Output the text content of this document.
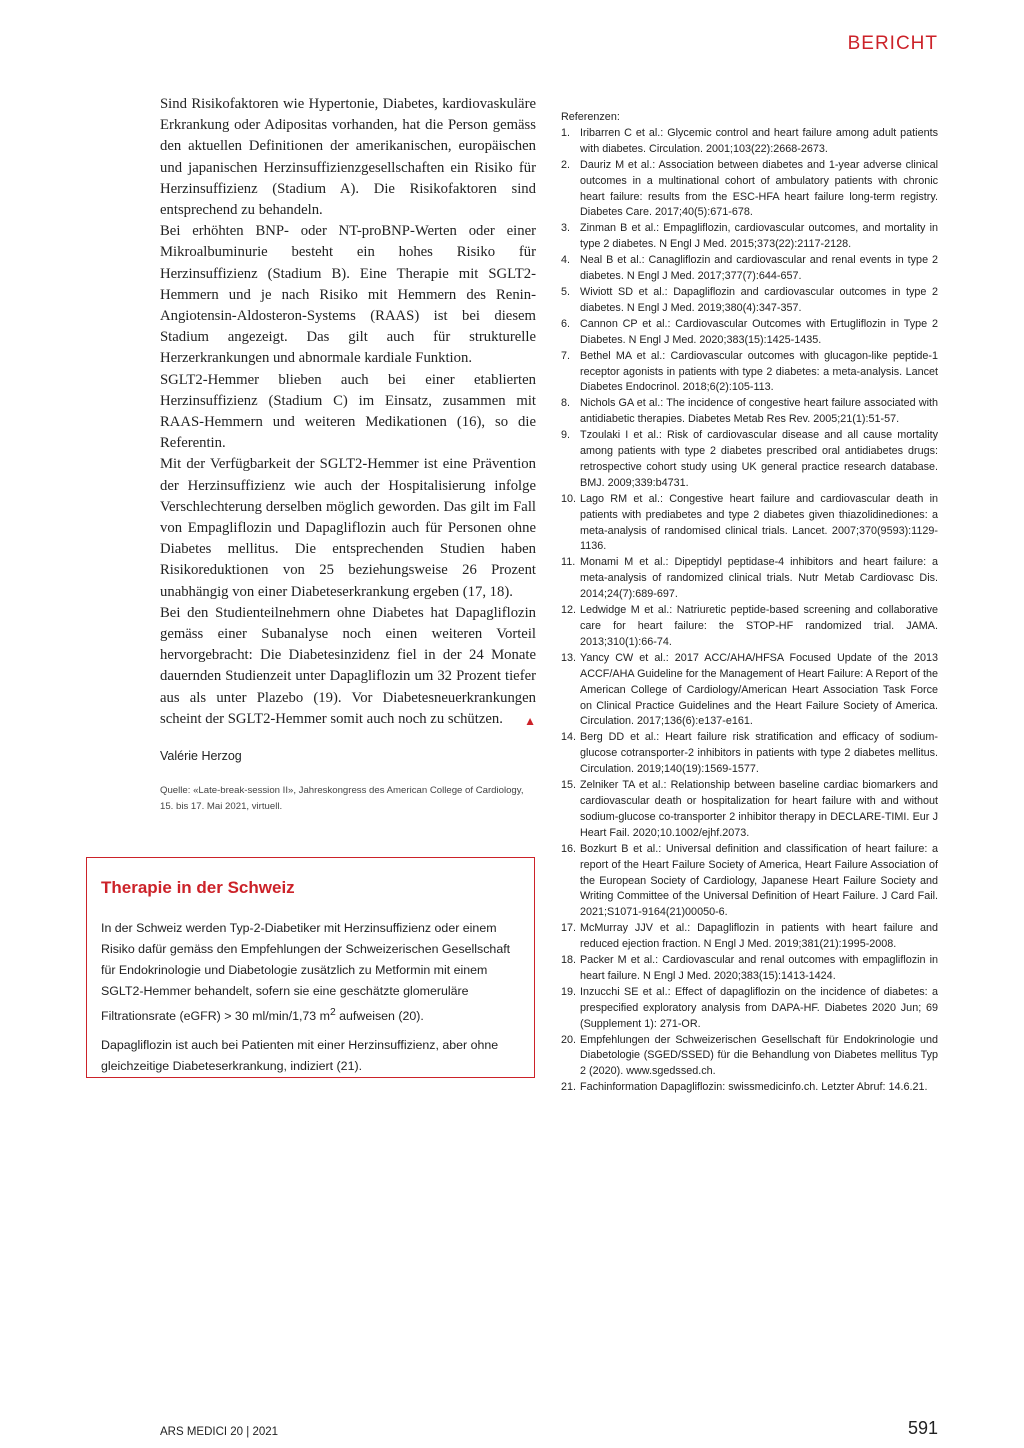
BERICHT

Sind Risikofaktoren wie Hypertonie, Diabetes, kardiovaskuläre Erkrankung oder Adipositas vorhanden, hat die Person gemäss den aktuellen Definitionen der amerikanischen, europäischen und japanischen Herzinsuffizienzgesellschaften ein Risiko für Herzinsuffizienz (Stadium A). Die Risikofaktoren sind entsprechend zu behandeln.

Bei erhöhten BNP- oder NT-proBNP-Werten oder einer Mikroalbuminurie besteht ein hohes Risiko für Herzinsuffizienz (Stadium B). Eine Therapie mit SGLT2-Hemmern und je nach Risiko mit Hemmern des Renin-Angiotensin-Aldosteron-Systems (RAAS) ist bei diesem Stadium angezeigt. Das gilt auch für strukturelle Herzerkrankungen und abnormale kardiale Funktion.

SGLT2-Hemmer blieben auch bei einer etablierten Herzinsuffizienz (Stadium C) im Einsatz, zusammen mit RAAS-Hemmern und weiteren Medikationen (16), so die Referentin.

Mit der Verfügbarkeit der SGLT2-Hemmer ist eine Prävention der Herzinsuffizienz wie auch der Hospitalisierung infolge Verschlechterung derselben möglich geworden. Das gilt im Fall von Empagliflozin und Dapagliflozin auch für Personen ohne Diabetes mellitus. Die entsprechenden Studien haben Risikoreduktionen von 25 beziehungsweise 26 Prozent unabhängig von einer Diabeteserkrankung ergeben (17, 18).

Bei den Studienteilnehmern ohne Diabetes hat Dapagliflozin gemäss einer Subanalyse noch einen weiteren Vorteil hervorgebracht: Die Diabetesinzidenz fiel in der 24 Monate dauernden Studienzeit unter Dapagliflozin um 32 Prozent tiefer aus als unter Plazebo (19). Vor Diabetesneuerkrankungen scheint der SGLT2-Hemmer somit auch noch zu schützen. ▲

Valérie Herzog
Quelle: «Late-break-session II», Jahreskongress des American College of Cardiology, 15. bis 17. Mai 2021, virtuell.
Therapie in der Schweiz

In der Schweiz werden Typ-2-Diabetiker mit Herzinsuffizienz oder einem Risiko dafür gemäss den Empfehlungen der Schweizerischen Gesellschaft für Endokrinologie und Diabetologie zusätzlich zu Metformin mit einem SGLT2-Hemmer behandelt, sofern sie eine geschätzte glomeruläre Filtrationsrate (eGFR) > 30 ml/min/1,73 $m^2$ aufweisen (20).

Dapagliflozin ist auch bei Patienten mit einer Herzinsuffizienz, aber ohne gleichzeitige Diabeteserkrankung, indiziert (21).

Referenzen:

1. Iribarren C et al.: Glycemic control and heart failure among adult patients with diabetes. Circulation. 2001;103(22):2668-2673.
2. Dauriz M et al.: Association between diabetes and 1-year adverse clinical outcomes in a multinational cohort of ambulatory patients with chronic heart failure: results from the ESC-HFA heart failure long-term registry. Diabetes Care. 2017;40(5):671-678.
3. Zinman B et al.: Empagliflozin, cardiovascular outcomes, and mortality in type 2 diabetes. N Engl J Med. 2015;373(22):2117-2128.
4. Neal B et al.: Canagliflozin and cardiovascular and renal events in type 2 diabetes. N Engl J Med. 2017;377(7):644-657.
5. Wiviott SD et al.: Dapagliflozin and cardiovascular outcomes in type 2 diabetes. N Engl J Med. 2019;380(4):347-357.
6. Cannon CP et al.: Cardiovascular Outcomes with Ertugliflozin in Type 2 Diabetes. N Engl J Med. 2020;383(15):1425-1435.
7. Bethel MA et al.: Cardiovascular outcomes with glucagon-like peptide-1 receptor agonists in patients with type 2 diabetes: a meta-analysis. Lancet Diabetes Endocrinol. 2018;6(2):105-113.
8. Nichols GA et al.: The incidence of congestive heart failure associated with antidiabetic therapies. Diabetes Metab Res Rev. 2005;21(1):51-57.
9. Tzoulaki I et al.: Risk of cardiovascular disease and all cause mortality among patients with type 2 diabetes prescribed oral antidiabetes drugs: retrospective cohort study using UK general practice research database. BMJ. 2009;339:b4731.
10. Lago RM et al.: Congestive heart failure and cardiovascular death in patients with prediabetes and type 2 diabetes given thiazolidinediones: a meta-analysis of randomised clinical trials. Lancet. 2007;370(9593):1129-1136.
11. Monami M et al.: Dipeptidyl peptidase-4 inhibitors and heart failure: a meta-analysis of randomized clinical trials. Nutr Metab Cardiovasc Dis. 2014;24(7):689-697.
12. Ledwidge M et al.: Natriuretic peptide-based screening and collaborative care for heart failure: the STOP-HF randomized trial. JAMA. 2013;310(1):66-74.
13. Yancy CW et al.: 2017 ACC/AHA/HFSA Focused Update of the 2013 ACCF/AHA Guideline for the Management of Heart Failure: A Report of the American College of Cardiology/American Heart Association Task Force on Clinical Practice Guidelines and the Heart Failure Society of America. Circulation. 2017;136(6):e137-e161.
14. Berg DD et al.: Heart failure risk stratification and efficacy of sodium-glucose cotransporter-2 inhibitors in patients with type 2 diabetes mellitus. Circulation. 2019;140(19):1569-1577.
15. Zelniker TA et al.: Relationship between baseline cardiac biomarkers and cardiovascular death or hospitalization for heart failure with and without sodium-glucose co-transporter 2 inhibitor therapy in DECLARE-TIMI. Eur J Heart Fail. 2020;10.1002/ejhf.2073.
16. Bozkurt B et al.: Universal definition and classification of heart failure: a report of the Heart Failure Society of America, Heart Failure Association of the European Society of Cardiology, Japanese Heart Failure Society and Writing Committee of the Universal Definition of Heart Failure. J Card Fail. 2021;S1071-9164(21)00050-6.
17. McMurray JJV et al.: Dapagliflozin in patients with heart failure and reduced ejection fraction. N Engl J Med. 2019;381(21):1995-2008.
18. Packer M et al.: Cardiovascular and renal outcomes with empagliflozin in heart failure. N Engl J Med. 2020;383(15):1413-1424.
19. Inzucchi SE et al.: Effect of dapagliflozin on the incidence of diabetes: a prespecified exploratory analysis from DAPA-HF. Diabetes 2020 Jun; 69 (Supplement 1): 271-OR.
20. Empfehlungen der Schweizerischen Gesellschaft für Endokrinologie und Diabetologie (SGED/SSED) für die Behandlung von Diabetes mellitus Typ 2 (2020). www.sgedssed.ch.
21. Fachinformation Dapagliflozin: swissmedicinfo.ch. Letzter Abruf: 14.6.21.
ARS MEDICI 20 | 2021	591
